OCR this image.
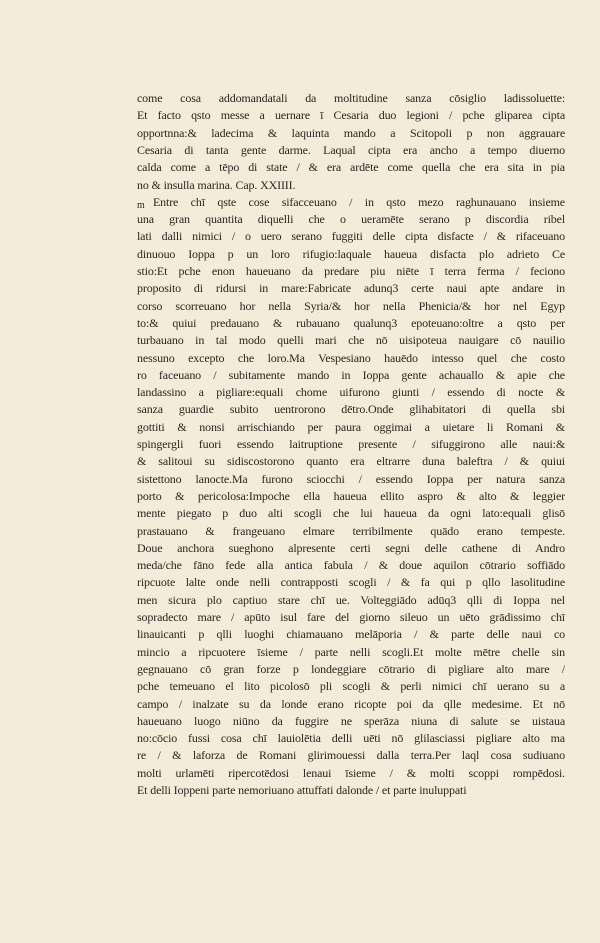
m
come cosa addomandatali da moltitudine sanza cōsiglio ladissoluette:
Et facto qsto messe a uernare ī Cesaria duo legioni / pche gliparea cipta
opportnna:& ladecima & laquinta mando a Scitopoli p non aggrauare
Cesaria di tanta gente darme. Laqual cipta era ancho a tempo diuerno
calda come a tēpo di state / & era ardēte come quella che era sita in pia
no & insulla marina. Cap. XXIIII.
Entre chī qste cose sifacceuano / in qsto mezo raghunauano insieme
una gran quantita diquelli che o ueramēte serano p discordia ribel
lati dalli nimici / o uero serano fuggiti delle cipta disfacte / & rifaceuano
dinuouo Ioppa p un loro rifugio:laquale haueua disfacta plo adrieto Ce
stio:Et pche enon haueuano da predare piu niēte ī terra ferma / feciono
proposito di ridursi in mare:Fabricate adunq3 certe naui apte andare in
corso scorreuano hor nella Syria/& hor nella Phenicia/& hor nel Egyp
to:& quiui predauano & rubauano qualunq3 epoteuano:oltre a qsto per
turbauano in tal modo quelli mari che nō uisipoteua nauigare cō nauilio
nessuno excepto che loro.Ma Vespesiano hauēdo intesso quel che costo
ro faceuano / subitamente mando in Ioppa gente achauallo & apie che
landassino a pigliare:equali chome uifurono giunti / essendo di nocte &
sanza guardie subito uentrorono dētro.Onde glihabitatori di quella sbi
gottiti & nonsi arrischiando per paura oggimai a uietare li Romani &
spingergli fuori essendo laitruptione presente / sifuggirono alle naui:&
& salitoui su sidiscostorono quanto era eltrarre duna baleftra / & quiui
sistettono lanocte.Ma furono sciocchi / essendo Ioppa per natura sanza
porto & pericolosa:Impoche ella haueua ellito aspro & alto & leggier
mente piegato p duo alti scogli che lui haueua da ogni lato:equali glisō
prastauano & frangeuano elmare terribilmente quādo erano tempeste.
Doue anchora sueghono alpresente certi segni delle cathene di Andro
meda/che fāno fede alla antica fabula / & doue aquilon cōtrario soffiādo
ripcuote lalte onde nelli contrapposti scogli / & fa qui p qllo lasolitudine
men sicura plo captiuo stare chī ue. Volteggiādo adūq3 qlli di Ioppa nel
sopradecto mare / apūto isul fare del giorno sileuo un uēto grādissimo chī
linauicanti p qlli luoghi chiamauano melāporia / & parte delle naui co
mincio a ripcuotere īsieme / parte nelli scogli.Et molte mētre chelle sin
gegnauano cō gran forze p londeggiare cōtrario di pigliare alto mare /
pche temeuano el lito picolosō pli scogli & perli nimici chī uerano su a
campo / inalzate su da londe erano ricopte poi da qlle medesime. Et nō
haueuano luogo niūno da fuggire ne sperāza niuna di salute se uistaua
no:cōcio fussi cosa chī lauiolētia delli uēti nō glilasciassi pigliare alto ma
re / & laforza de Romani glirimouessi dalla terra.Per laql cosa sudiuano
molti urlamēti ripercotēdosi lenaui īsieme / & molti scoppi rompēdosi.
Et delli Ioppeni parte nemoriuano attuffati dalonde / et parte inuluppati
